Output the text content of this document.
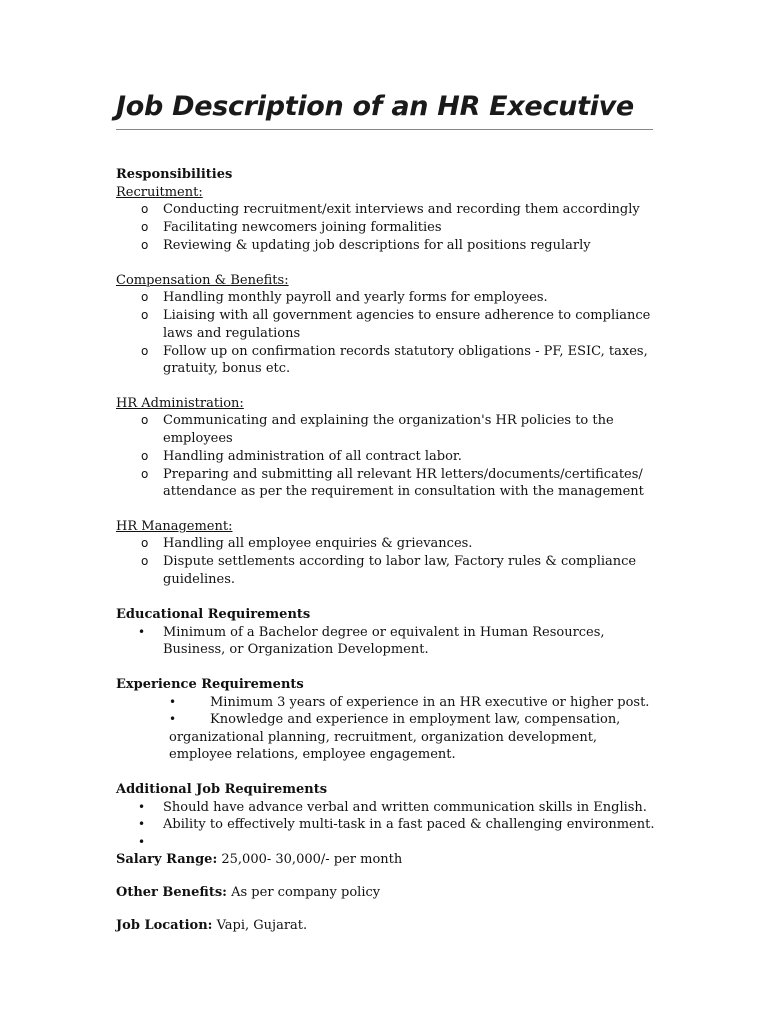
Job Description of an HR Executive

Responsibilities

Recruitment:

o Conducting recruitment/exit interviews and recording them accordingly
o Facilitating newcomers joining formalities
o Reviewing & updating job descriptions for all positions regularly

Compensation & Benefits:

o Handling monthly payroll and yearly forms for employees.
o Liaising with all government agencies to ensure adherence to compliance laws and regulations
o Follow up on confirmation records statutory obligations - PF, ESIC, taxes, gratuity, bonus etc.

HR Administration:

o Communicating and explaining the organization's HR policies to the employees
o Handling administration of all contract labor.
o Preparing and submitting all relevant HR letters/documents/certificates/ attendance as per the requirement in consultation with the management

HR Management:

o Handling all employee enquiries & grievances.
o Dispute settlements according to labor law, Factory rules & compliance guidelines.

Educational Requirements

• Minimum of a Bachelor degree or equivalent in Human Resources, Business, or Organization Development.

Experience Requirements

• Minimum 3 years of experience in an HR executive or higher post.
• Knowledge and experience in employment law, compensation, organizational planning, recruitment, organization development, employee relations, employee engagement.

Additional Job Requirements

• Should have advance verbal and written communication skills in English.
• Ability to effectively multi-task in a fast paced & challenging environment.
•

Salary Range: 25,000- 30,000/- per month

Other Benefits: As per company policy

Job Location: Vapi, Gujarat.
